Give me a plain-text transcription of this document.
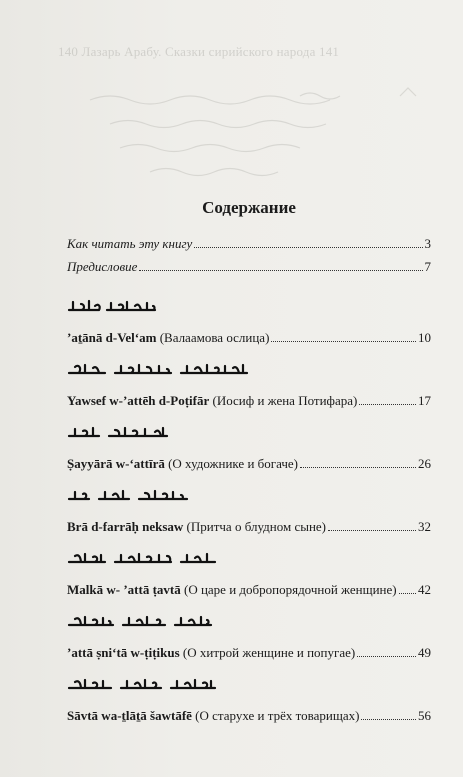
140 Лазарь Арабу. Сказки сирийского народа 141
Содержание
Как читать эту книгу	3
Предисловие	7
ʼaṯānā d-Velʻam (Валаамова ослица)	10
Yawsef w-ʼattēh d-Poṭifār (Иосиф и жена Потифара)	17
Ṣayyārā w-ʻattīrā (О художнике и богаче)	26
Brā d-farrāḥ neksaw (Притча о блудном сыне)	32
Malkā w- ʼattā ṭavtā (О царе и добропорядочной женщине) 42
ʼattā ṣniʻtā w-ṭiṭikus (О хитрой женщине и попугае)	49
Sāvtā wa-ṯlāṯā šawtāfē (О старухе и трёх товарищах)	56
